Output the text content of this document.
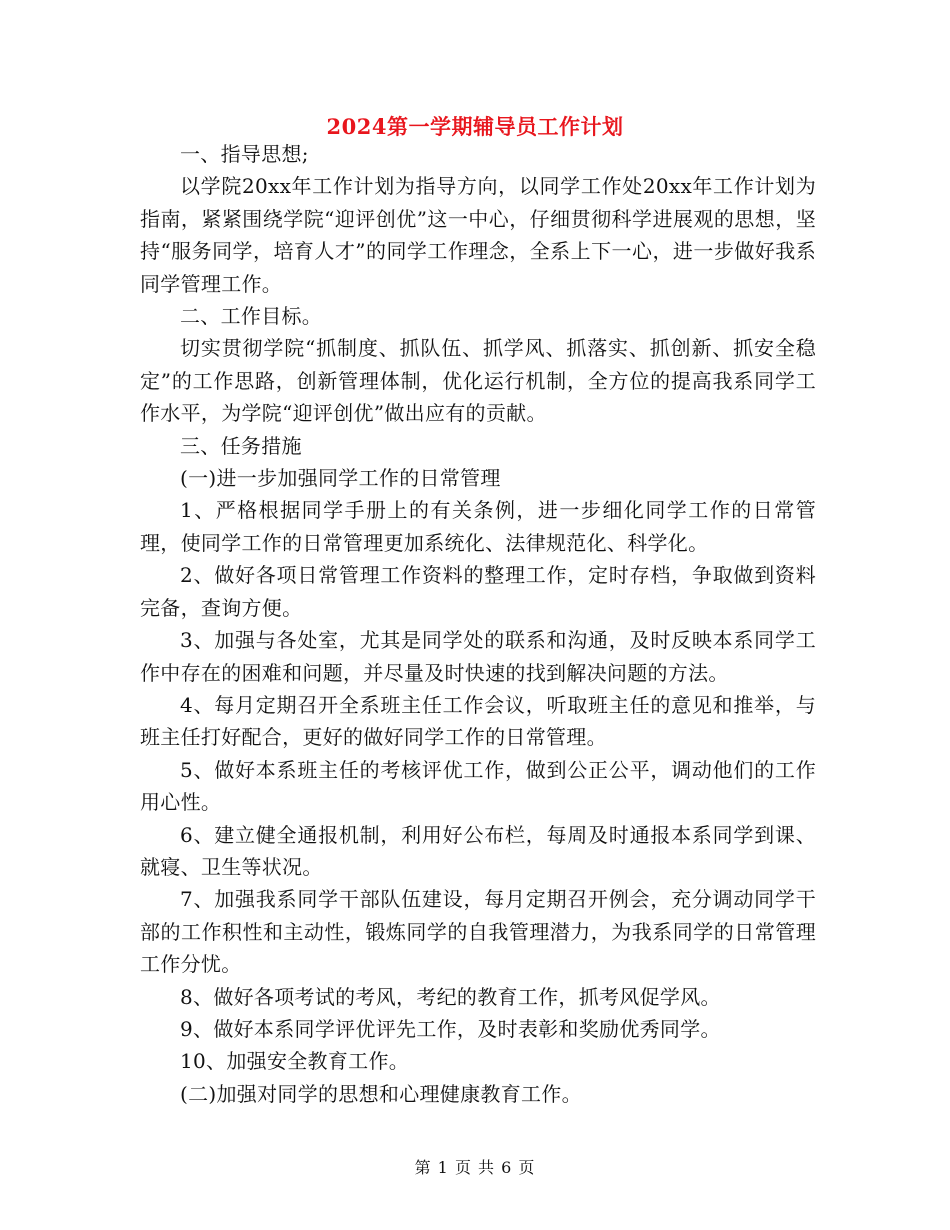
2024第一学期辅导员工作计划

一、指导思想;

以学院20xx年工作计划为指导方向，以同学工作处20xx年工作计划为指南，紧紧围绕学院“迎评创优”这一中心，仔细贯彻科学进展观的思想，坚持“服务同学，培育人才”的同学工作理念，全系上下一心，进一步做好我系同学管理工作。

二、工作目标。

切实贯彻学院“抓制度、抓队伍、抓学风、抓落实、抓创新、抓安全稳定”的工作思路，创新管理体制，优化运行机制，全方位的提高我系同学工作水平，为学院“迎评创优”做出应有的贡献。

三、任务措施

(一)进一步加强同学工作的日常管理

1、严格根据同学手册上的有关条例，进一步细化同学工作的日常管理，使同学工作的日常管理更加系统化、法律规范化、科学化。

2、做好各项日常管理工作资料的整理工作，定时存档，争取做到资料完备，查询方便。

3、加强与各处室，尤其是同学处的联系和沟通，及时反映本系同学工作中存在的困难和问题，并尽量及时快速的找到解决问题的方法。

4、每月定期召开全系班主任工作会议，听取班主任的意见和推举，与班主任打好配合，更好的做好同学工作的日常管理。

5、做好本系班主任的考核评优工作，做到公正公平，调动他们的工作用心性。

6、建立健全通报机制，利用好公布栏，每周及时通报本系同学到课、就寝、卫生等状况。

7、加强我系同学干部队伍建设，每月定期召开例会，充分调动同学干部的工作积性和主动性，锻炼同学的自我管理潜力，为我系同学的日常管理工作分忧。

8、做好各项考试的考风，考纪的教育工作，抓考风促学风。

9、做好本系同学评优评先工作，及时表彰和奖励优秀同学。

10、加强安全教育工作。

(二)加强对同学的思想和心理健康教育工作。

第 1 页 共 6 页
